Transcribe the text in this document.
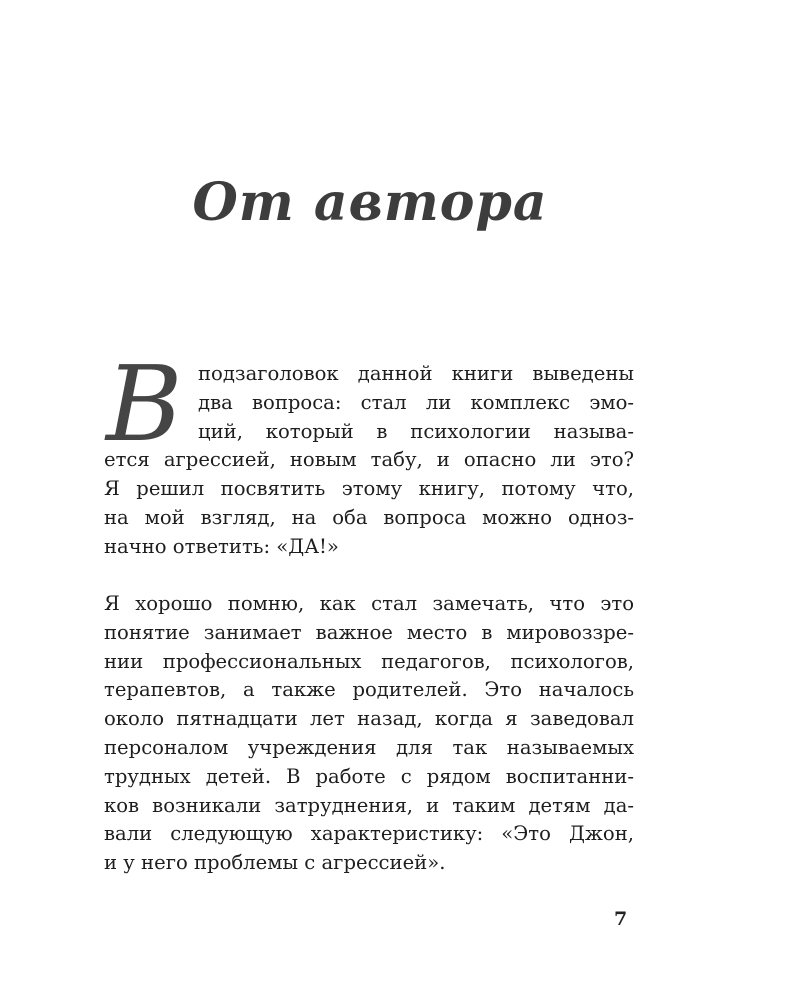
От автора
В подзаголовок данной книги выведены
два вопроса: стал ли комплекс эмо-
ций, который в психологии называ-
ется агрессией, новым табу, и опасно ли это?
Я решил посвятить этому книгу, потому что,
на мой взгляд, на оба вопроса можно одноз-
начно ответить: «ДА!»
Я хорошо помню, как стал замечать, что это
понятие занимает важное место в мировоззре-
нии профессиональных педагогов, психологов,
терапевтов, а также родителей. Это началось
около пятнадцати лет назад, когда я заведовал
персоналом учреждения для так называемых
трудных детей. В работе с рядом воспитанни-
ков возникали затруднения, и таким детям да-
вали следующую характеристику: «Это Джон,
и у него проблемы с агрессией».
7
